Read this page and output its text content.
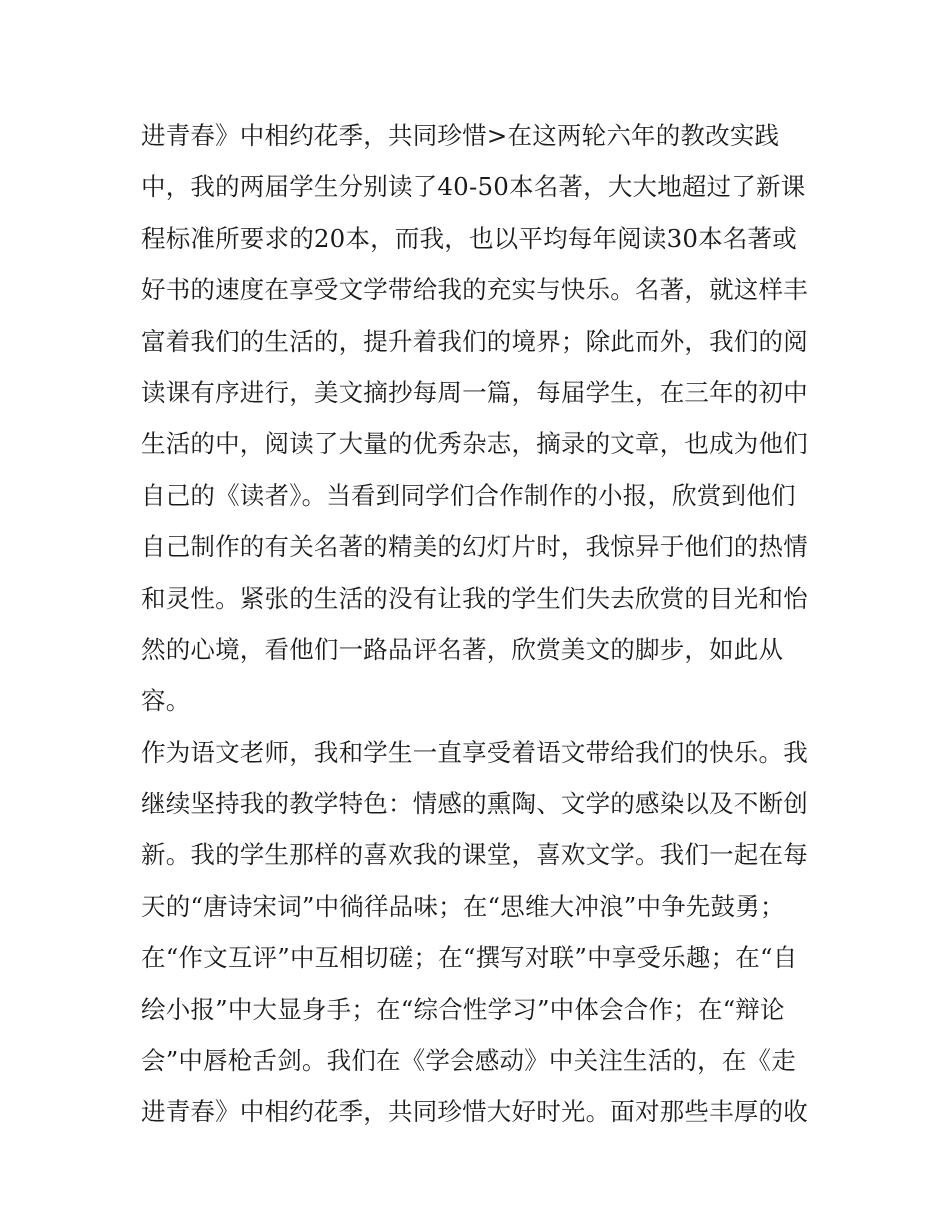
进青春》中相约花季，共同珍惜>在这两轮六年的教改实践
中，我的两届学生分别读了40-50本名著，大大地超过了新课
程标准所要求的20本，而我，也以平均每年阅读30本名著或
好书的速度在享受文学带给我的充实与快乐。名著，就这样丰
富着我们的生活的，提升着我们的境界；除此而外，我们的阅
读课有序进行，美文摘抄每周一篇，每届学生，在三年的初中
生活的中，阅读了大量的优秀杂志，摘录的文章，也成为他们
自己的《读者》。当看到同学们合作制作的小报，欣赏到他们
自己制作的有关名著的精美的幻灯片时，我惊异于他们的热情
和灵性。紧张的生活的没有让我的学生们失去欣赏的目光和怡
然的心境，看他们一路品评名著，欣赏美文的脚步，如此从
容。
作为语文老师，我和学生一直享受着语文带给我们的快乐。我
继续坚持我的教学特色：情感的熏陶、文学的感染以及不断创
新。我的学生那样的喜欢我的课堂，喜欢文学。我们一起在每
天的“唐诗宋词”中徜徉品味；在“思维大冲浪”中争先鼓勇；
在“作文互评”中互相切磋；在“撰写对联”中享受乐趣；在“自
绘小报”中大显身手；在“综合性学习”中体会合作；在“辩论
会”中唇枪舌剑。我们在《学会感动》中关注生活的，在《走
进青春》中相约花季，共同珍惜大好时光。面对那些丰厚的收
